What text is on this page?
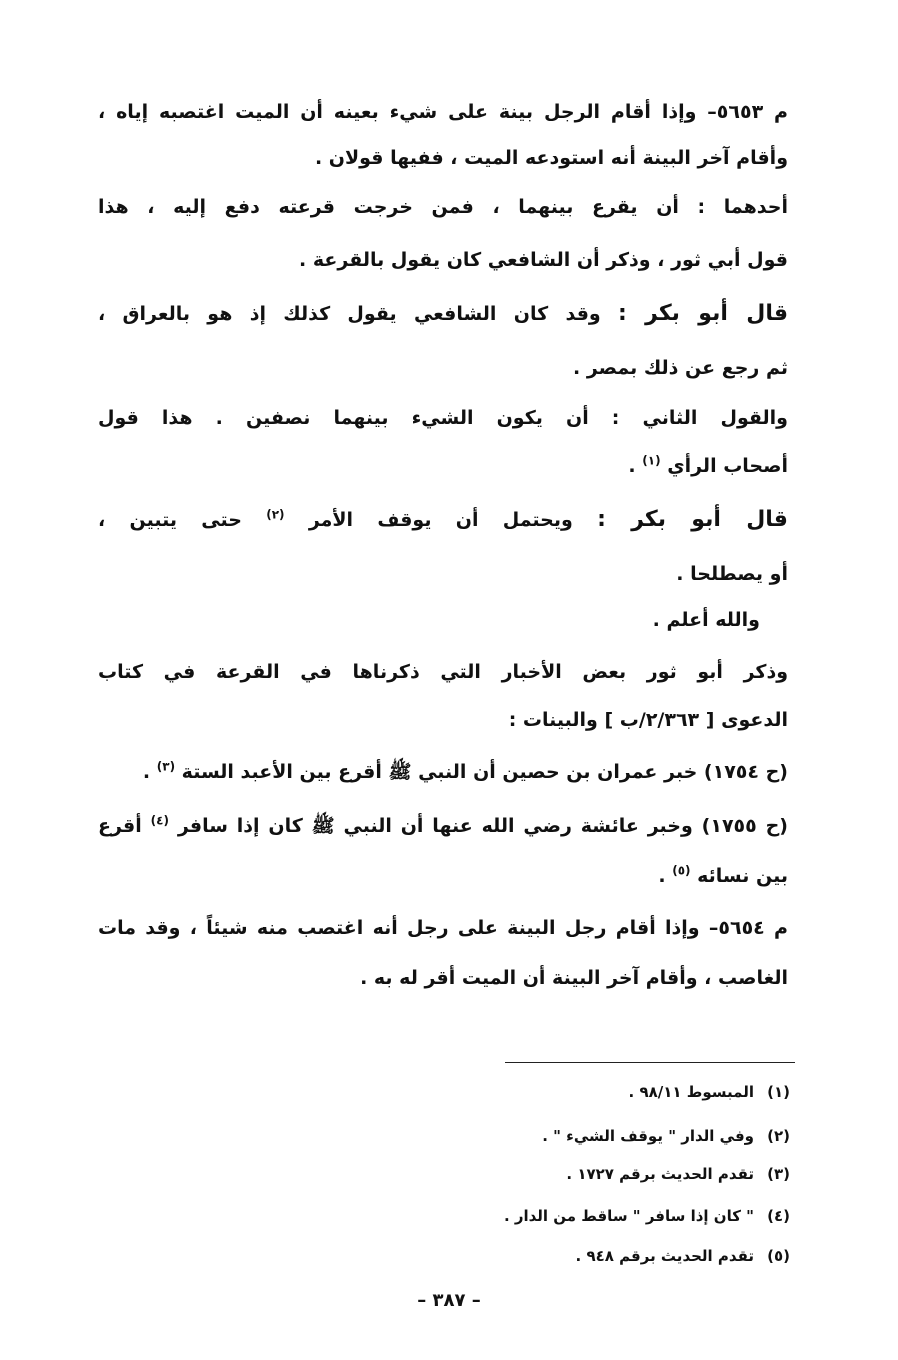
م ٥٦٥٣– وإذا أقام الرجل بينة على شيء بعينه أن الميت اغتصبه إياه ،
وأقام آخر البينة أنه استودعه الميت ، ففيها قولان .
أحدهما : أن يقرع بينهما ، فمن خرجت قرعته دفع إليه ، هذا
قول أبي ثور ، وذكر أن الشافعي كان يقول بالقرعة .
قال أبو بكر : وقد كان الشافعي يقول كذلك إذ هو بالعراق ،
ثم رجع عن ذلك بمصر .
والقول الثاني : أن يكون الشيء بينهما نصفين . هذا قول
أصحاب الرأي $^{(١)}$ .
قال أبو بكر : ويحتمل أن يوقف الأمر $^{(٢)}$ حتى يتبين ،
أو يصطلحا .
والله أعلم .
وذكر أبو ثور بعض الأخبار التي ذكرناها في القرعة في كتاب
الدعوى [ ٢/٣٦٣/ب ] والبينات :
(ح ١٧٥٤) خبر عمران بن حصين أن النبي ﷺ أقرع بين الأعبد الستة $^{(٣)}$ .
(ح ١٧٥٥) وخبر عائشة رضي الله عنها أن النبي ﷺ كان إذا سافر $^{(٤)}$ أقرع
بين نسائه $^{(٥)}$ .
م ٥٦٥٤– وإذا أقام رجل البينة على رجل أنه اغتصب منه شيئاً ، وقد مات
الغاصب ، وأقام آخر البينة أن الميت أقر له به .
(١)المبسوط ٩٨/١١ .
(٢)وفي الدار " يوقف الشيء " .
(٣)تقدم الحديث برقم ١٧٢٧ .
(٤)" كان إذا سافر " ساقط من الدار .
(٥)تقدم الحديث برقم ٩٤٨ .
– ٣٨٧ –
